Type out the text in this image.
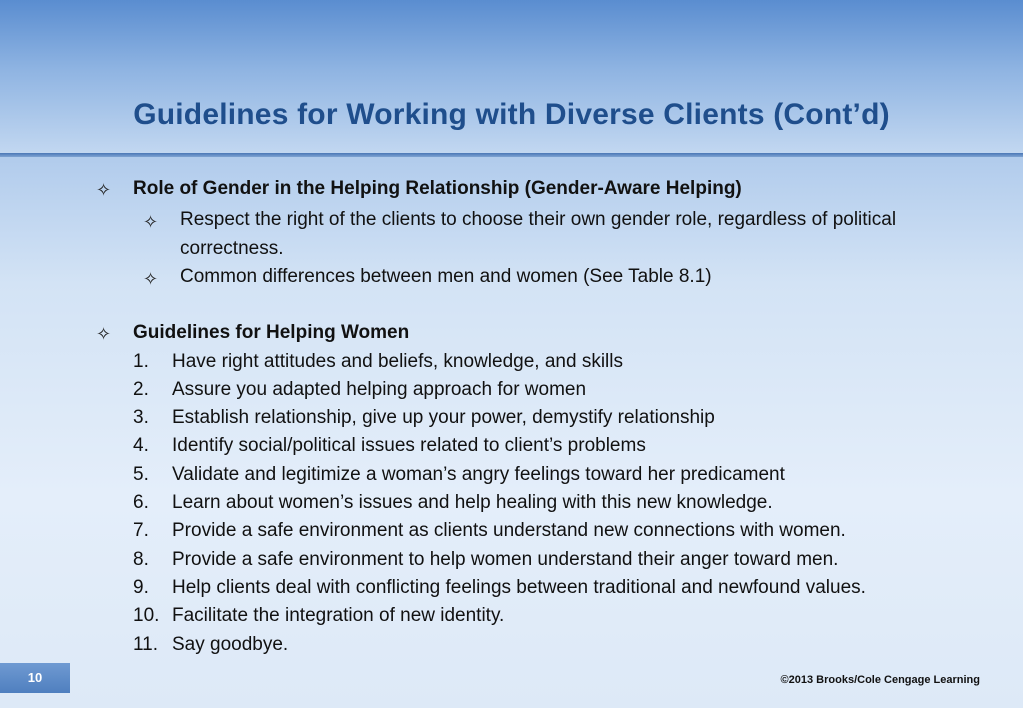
Guidelines for Working with Diverse Clients (Cont’d)
✧ Role of Gender in the Helping Relationship (Gender-Aware Helping)
✧ Respect the right of the clients to choose their own gender role, regardless of political correctness.
✧ Common differences between men and women (See Table 8.1)
✧ Guidelines for Helping Women
1.	Have right attitudes and beliefs, knowledge, and skills
2.	Assure you adapted helping approach for women
3.	Establish relationship, give up your power, demystify relationship
4.	Identify social/political issues related to client’s problems
5.	Validate and legitimize a woman’s angry feelings toward her predicament
6.	Learn about women’s issues and help healing with this new knowledge.
7.	Provide a safe environment as clients understand new connections with women.
8.	Provide a safe environment to help women understand their anger toward men.
9.	Help clients deal with conflicting feelings between traditional and newfound values.
10. Facilitate the integration of new identity.
11. Say goodbye.
10	©2013 Brooks/Cole Cengage Learning
